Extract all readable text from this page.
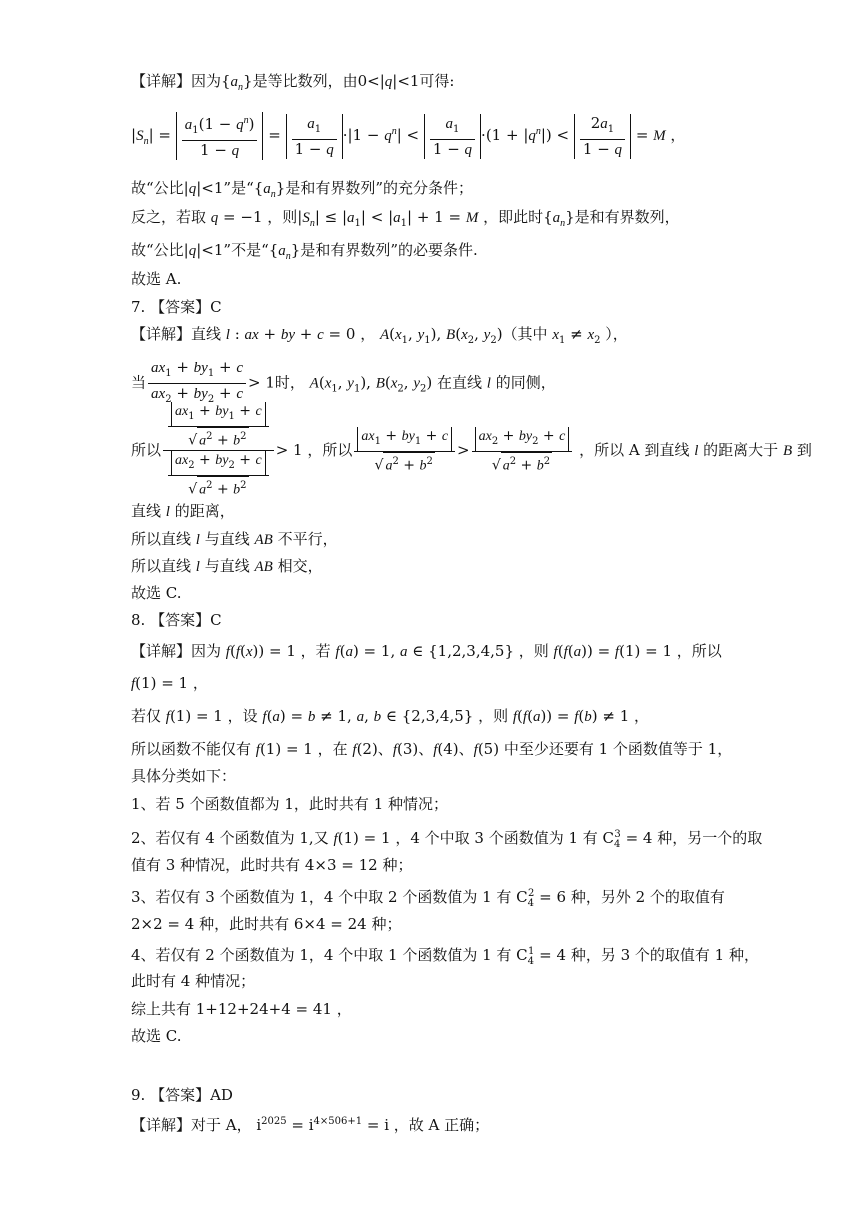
【详解】因为$\{a_n\}$是等比数列，由0<|q|<1可得:
$|S_n| = \frac{a_1(1 - q^n)}{1 - q} = \frac{a_1}{1 - q} \cdot|1 - q^n| < \frac{a_1}{1 - q} \cdot(1 + |q^n|) < \frac{2a_1}{1 - q} = M$ ，
故“公比|q|<1”是“$\{a_n\}$是和有界数列”的充分条件；
反之，若取 q = −1 ，则$|S_n| \le |a_1| < |a_1| + 1 = M$ ，即此时$\{a_n\}$是和有界数列，
故“公比|q|<1”不是“$\{a_n\}$是和有界数列”的必要条件.
故选 A.
7. 【答案】C
【详解】直线 l : ax + by + c = 0 ， $A(x_1$, $y_1$), $B(x_2$, $y_2$)（其中 $x_1 \ne x_2$ ），
当 $\frac{ax_1 + by_1 + c}{ax_2 + by_2 + c} > 1$时， $A(x_1$, $y_1$), $B(x_2$, $y_2$) 在直线 l 的同侧，
所以 $\frac{\frac{ax_1 + by_1 + c}{√ a^2 + b^2}}{\frac{ax_2 + by_2 + c}{√ a^2 + b^2}} > 1$ ，所以 $\frac{ax_1 + by_1 + c}{√ a^2 + b^2} > \frac{ax_2 + by_2 + c}{√ a^2 + b^2}$ ，所以 A 到直线 l 的距离大于 B 到
直线 l 的距离，
所以直线 l 与直线 AB 不平行，
所以直线 l 与直线 AB 相交，
故选 C.
8. 【答案】C
【详解】因为 f(f(x)) = 1 ，若 f(a) = 1, a ∈ {1,2,3,4,5} ，则 f(f(a)) = f(1) = 1 ，所以
f(1) = 1 ，
若仅 f(1) = 1 ，设 f(a) = b ≠ 1, a, b ∈ {2,3,4,5} ，则 f(f(a)) = f(b) ≠ 1 ，
所以函数不能仅有 f(1) = 1 ，在 f(2)、f(3)、f(4)、f(5) 中至少还要有 1 个函数值等于 1，
具体分类如下：
1、若 5 个函数值都为 1，此时共有 1 种情况；
2、若仅有 4 个函数值为 1,又 f(1) = 1 ，4 个中取 3 个函数值为 1 有 $C_4^3 = 4$ 种，另一个的取
值有 3 种情况，此时共有 4×3 = 12 种；
3、若仅有 3 个函数值为 1，4 个中取 2 个函数值为 1 有 $C_4^2 = 6$ 种，另外 2 个的取值有
2×2 = 4 种，此时共有 6×4 = 24 种；
4、若仅有 2 个函数值为 1，4 个中取 1 个函数值为 1 有 $C_4^1 = 4$ 种，另 3 个的取值有 1 种，
此时有 4 种情况；
综上共有 1+12+24+4 = 41 ，
故选 C.
9. 【答案】AD
【详解】对于 A， $i^{2025} = i^{4\times 506+1} = i$ ，故 A 正确；
